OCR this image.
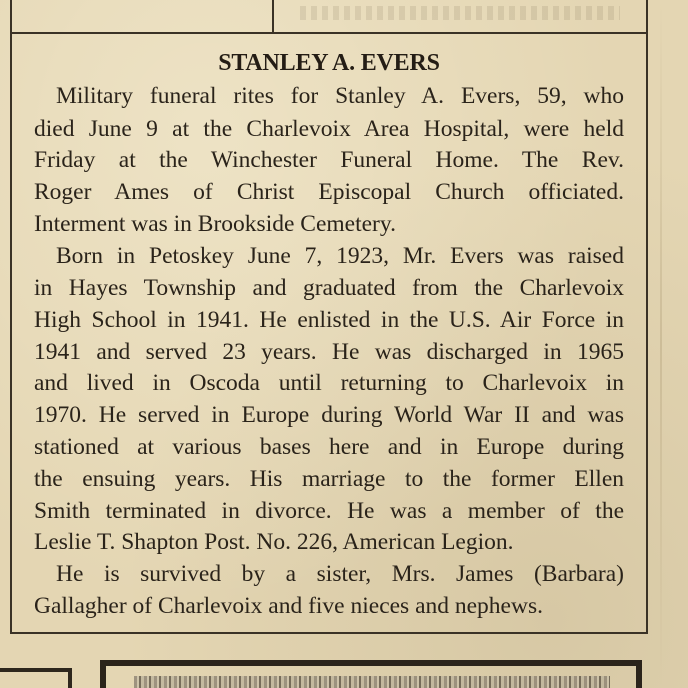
STANLEY A. EVERS
Military funeral rites for Stanley A. Evers, 59, who
died June 9 at the Charlevoix Area Hospital, were held
Friday at the Winchester Funeral Home. The Rev.
Roger Ames of Christ Episcopal Church officiated.
Interment was in Brookside Cemetery.
Born in Petoskey June 7, 1923, Mr. Evers was raised
in Hayes Township and graduated from the Charlevoix
High School in 1941. He enlisted in the U.S. Air Force in
1941 and served 23 years. He was discharged in 1965
and lived in Oscoda until returning to Charlevoix in
1970. He served in Europe during World War II and was
stationed at various bases here and in Europe during
the ensuing years. His marriage to the former Ellen
Smith terminated in divorce. He was a member of the
Leslie T. Shapton Post. No. 226, American Legion.
He is survived by a sister, Mrs. James (Barbara)
Gallagher of Charlevoix and five nieces and nephews.
